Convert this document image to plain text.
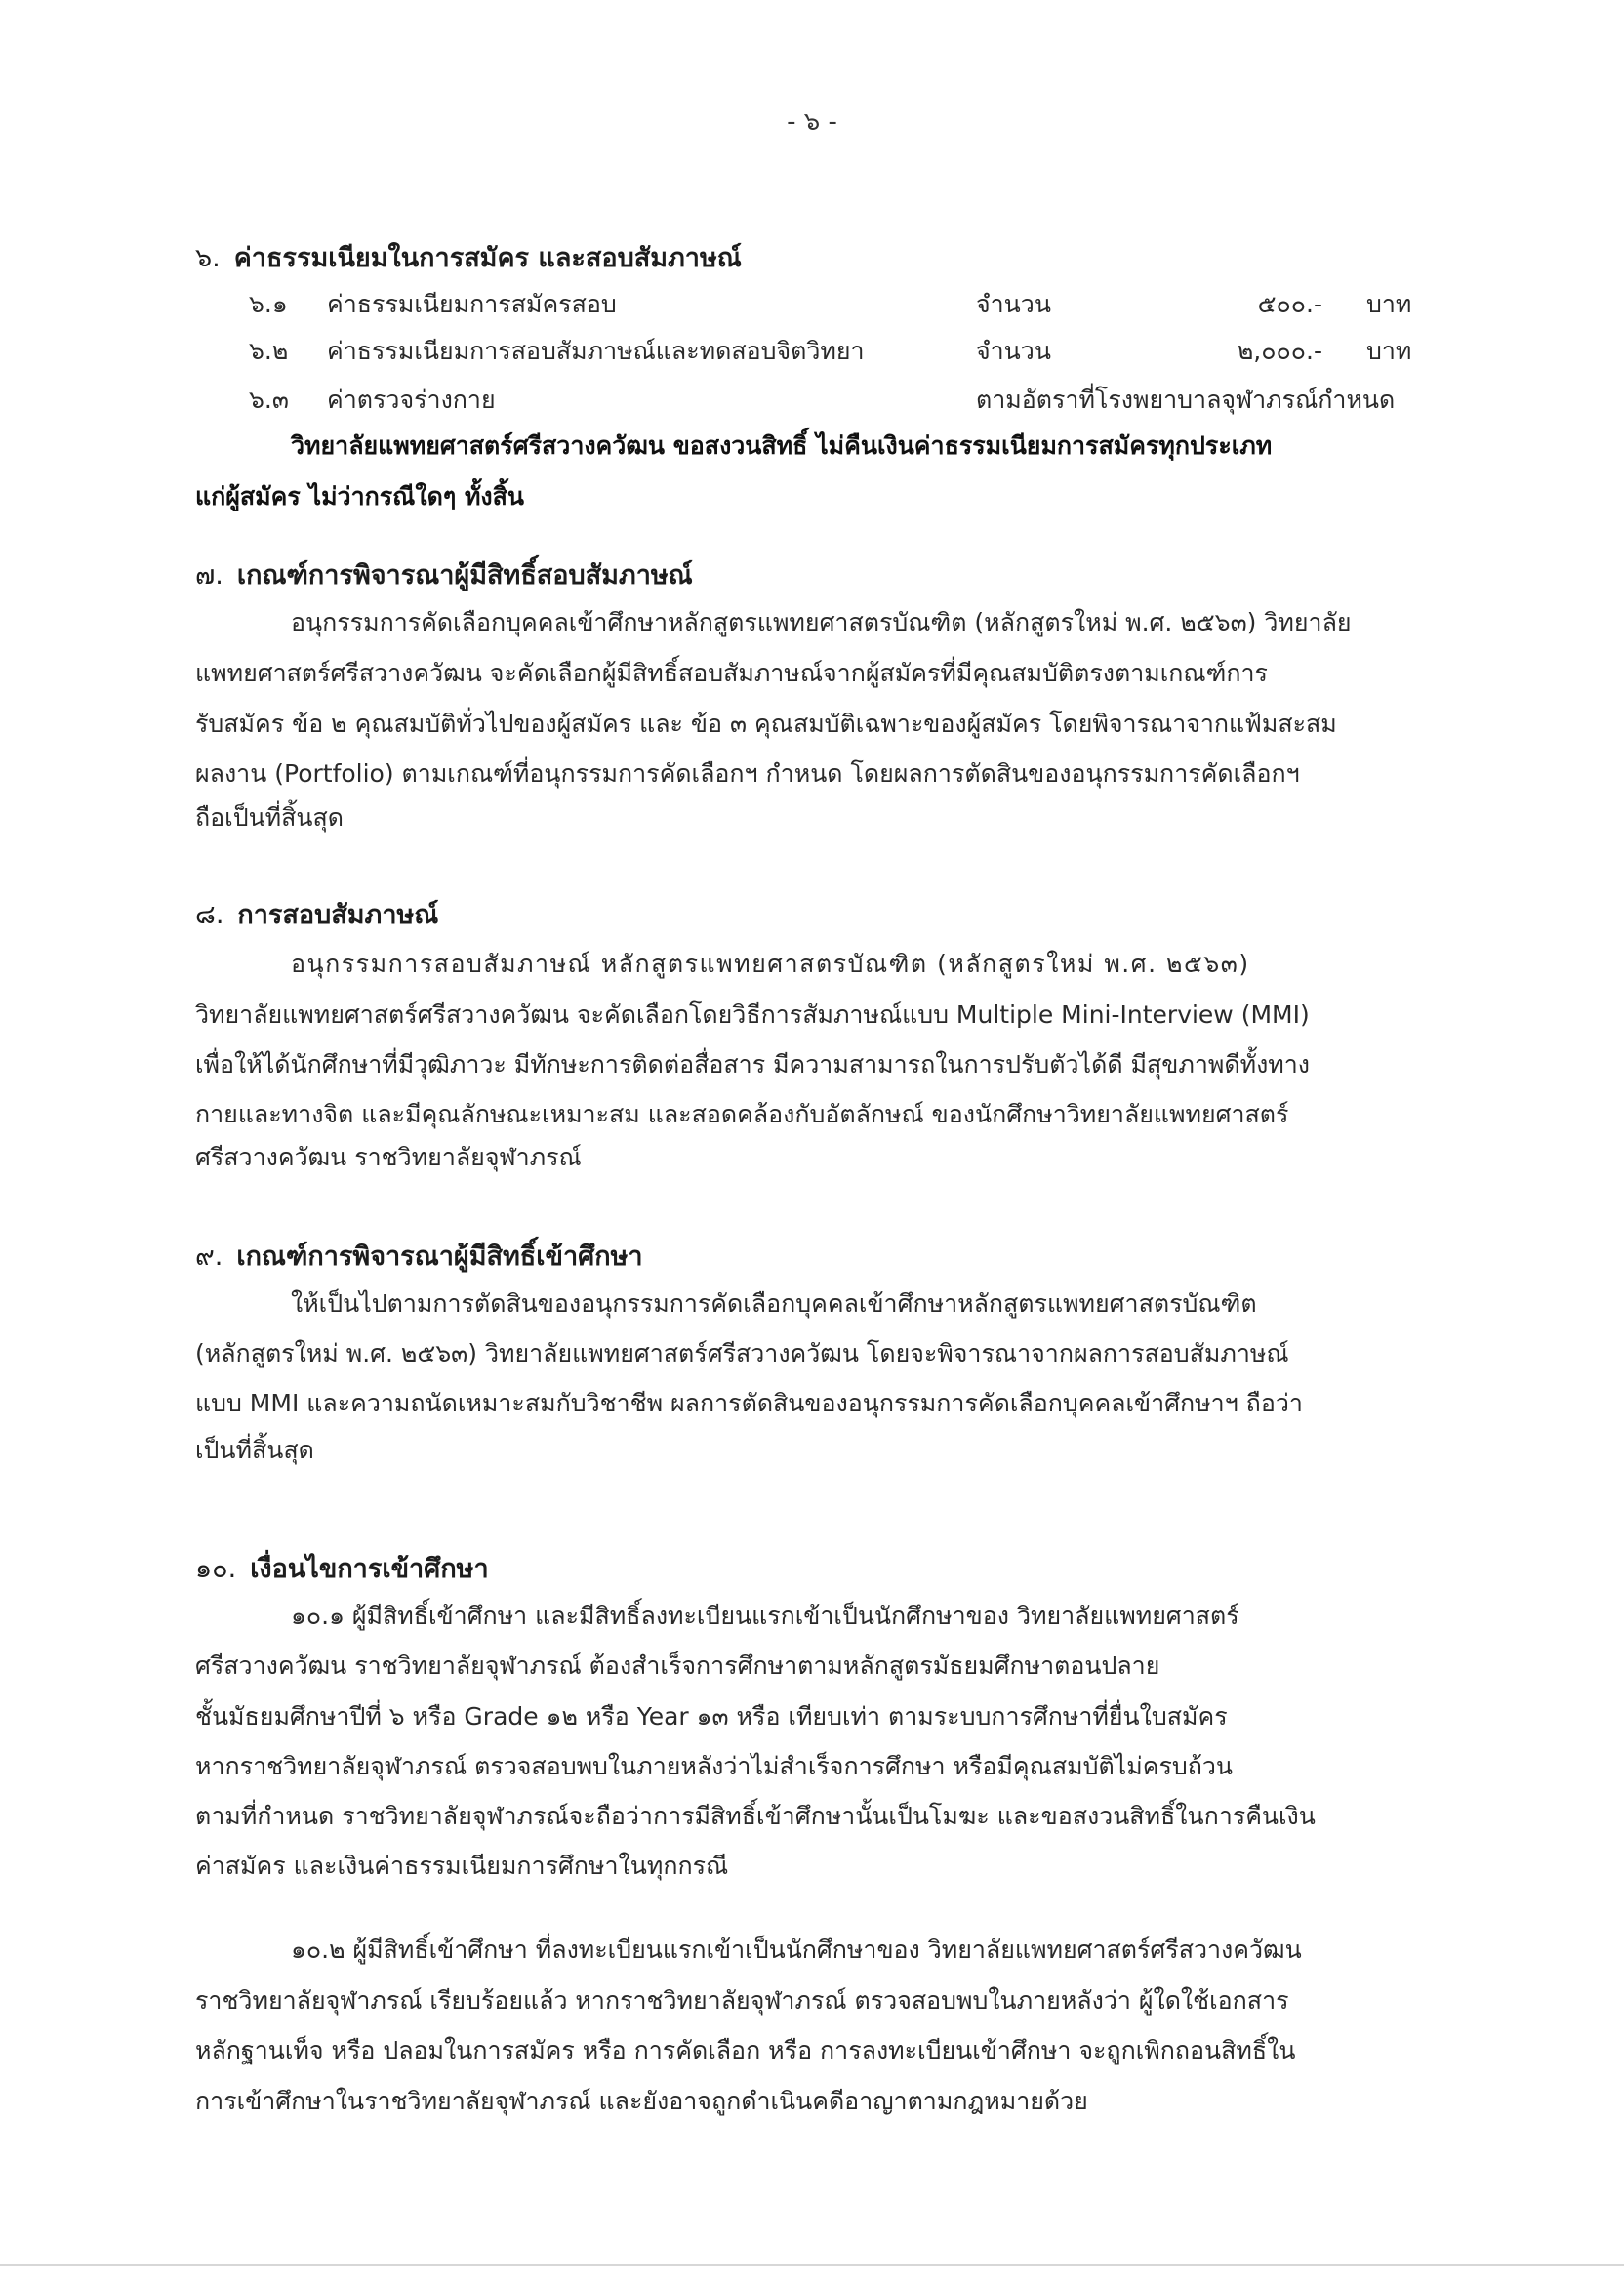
- ๖ -
๖. ค่าธรรมเนียมในการสมัคร และสอบสัมภาษณ์
๖.๑ ค่าธรรมเนียมการสมัครสอบ	จำนวน	๕๐๐.- บาท
๖.๒ ค่าธรรมเนียมการสอบสัมภาษณ์และทดสอบจิตวิทยา	จำนวน	๒,๐๐๐.- บาท
๖.๓ ค่าตรวจร่างกาย	ตามอัตราที่โรงพยาบาลจุฬาภรณ์กำหนด
วิทยาลัยแพทยศาสตร์ศรีสวางควัฒน ขอสงวนสิทธิ์ ไม่คืนเงินค่าธรรมเนียมการสมัครทุกประเภท
แก่ผู้สมัคร ไม่ว่ากรณีใดๆ ทั้งสิ้น
๗. เกณฑ์การพิจารณาผู้มีสิทธิ์สอบสัมภาษณ์
อนุกรรมการคัดเลือกบุคคลเข้าศึกษาหลักสูตรแพทยศาสตรบัณฑิต (หลักสูตรใหม่ พ.ศ. ๒๕๖๓) วิทยาลัย
แพทยศาสตร์ศรีสวางควัฒน จะคัดเลือกผู้มีสิทธิ์สอบสัมภาษณ์จากผู้สมัครที่มีคุณสมบัติตรงตามเกณฑ์การ
รับสมัคร ข้อ ๒ คุณสมบัติทั่วไปของผู้สมัคร และ ข้อ ๓ คุณสมบัติเฉพาะของผู้สมัคร โดยพิจารณาจากแฟ้มสะสม
ผลงาน (Portfolio) ตามเกณฑ์ที่อนุกรรมการคัดเลือกฯ กำหนด โดยผลการตัดสินของอนุกรรมการคัดเลือกฯ
ถือเป็นที่สิ้นสุด
๘. การสอบสัมภาษณ์
อนุกรรมการสอบสัมภาษณ์ หลักสูตรแพทยศาสตรบัณฑิต (หลักสูตรใหม่ พ.ศ. ๒๕๖๓)
วิทยาลัยแพทยศาสตร์ศรีสวางควัฒน จะคัดเลือกโดยวิธีการสัมภาษณ์แบบ Multiple Mini-Interview (MMI)
เพื่อให้ได้นักศึกษาที่มีวุฒิภาวะ มีทักษะการติดต่อสื่อสาร มีความสามารถในการปรับตัวได้ดี มีสุขภาพดีทั้งทาง
กายและทางจิต และมีคุณลักษณะเหมาะสม และสอดคล้องกับอัตลักษณ์ ของนักศึกษาวิทยาลัยแพทยศาสตร์
ศรีสวางควัฒน ราชวิทยาลัยจุฬาภรณ์
๙. เกณฑ์การพิจารณาผู้มีสิทธิ์เข้าศึกษา
ให้เป็นไปตามการตัดสินของอนุกรรมการคัดเลือกบุคคลเข้าศึกษาหลักสูตรแพทยศาสตรบัณฑิต
(หลักสูตรใหม่ พ.ศ. ๒๕๖๓) วิทยาลัยแพทยศาสตร์ศรีสวางควัฒน โดยจะพิจารณาจากผลการสอบสัมภาษณ์
แบบ MMI และความถนัดเหมาะสมกับวิชาชีพ ผลการตัดสินของอนุกรรมการคัดเลือกบุคคลเข้าศึกษาฯ ถือว่า
เป็นที่สิ้นสุด
๑๐. เงื่อนไขการเข้าศึกษา
๑๐.๑ ผู้มีสิทธิ์เข้าศึกษา และมีสิทธิ์ลงทะเบียนแรกเข้าเป็นนักศึกษาของ วิทยาลัยแพทยศาสตร์
ศรีสวางควัฒน ราชวิทยาลัยจุฬาภรณ์ ต้องสำเร็จการศึกษาตามหลักสูตรมัธยมศึกษาตอนปลาย
ชั้นมัธยมศึกษาปีที่ ๖ หรือ Grade ๑๒ หรือ Year ๑๓ หรือ เทียบเท่า ตามระบบการศึกษาที่ยื่นใบสมัคร
หากราชวิทยาลัยจุฬาภรณ์ ตรวจสอบพบในภายหลังว่าไม่สำเร็จการศึกษา หรือมีคุณสมบัติไม่ครบถ้วน
ตามที่กำหนด ราชวิทยาลัยจุฬาภรณ์จะถือว่าการมีสิทธิ์เข้าศึกษานั้นเป็นโมฆะ และขอสงวนสิทธิ์ในการคืนเงิน
ค่าสมัคร และเงินค่าธรรมเนียมการศึกษาในทุกกรณี
๑๐.๒ ผู้มีสิทธิ์เข้าศึกษา ที่ลงทะเบียนแรกเข้าเป็นนักศึกษาของ วิทยาลัยแพทยศาสตร์ศรีสวางควัฒน
ราชวิทยาลัยจุฬาภรณ์ เรียบร้อยแล้ว หากราชวิทยาลัยจุฬาภรณ์ ตรวจสอบพบในภายหลังว่า ผู้ใดใช้เอกสาร
หลักฐานเท็จ หรือ ปลอมในการสมัคร หรือ การคัดเลือก หรือ การลงทะเบียนเข้าศึกษา จะถูกเพิกถอนสิทธิ์ใน
การเข้าศึกษาในราชวิทยาลัยจุฬาภรณ์ และยังอาจถูกดำเนินคดีอาญาตามกฎหมายด้วย
